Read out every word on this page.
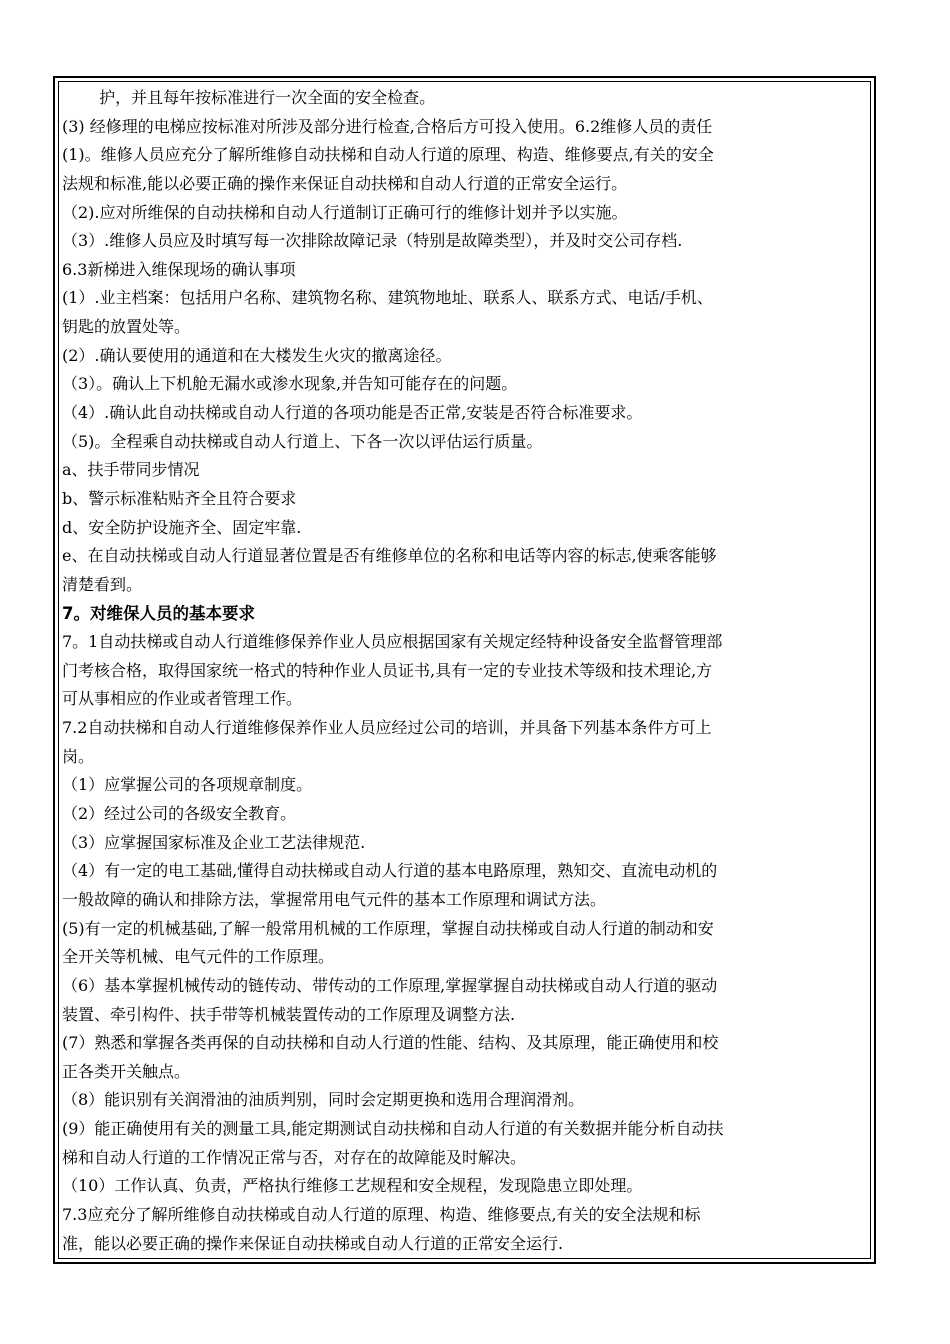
　　 护，并且每年按标准进行一次全面的安全检查。
(3) 经修理的电梯应按标准对所涉及部分进行检查,合格后方可投入使用。6.2维修人员的责任
(1)。维修人员应充分了解所维修自动扶梯和自动人行道的原理、构造、维修要点,有关的安全
法规和标准,能以必要正确的操作来保证自动扶梯和自动人行道的正常安全运行。
（2).应对所维保的自动扶梯和自动人行道制订正确可行的维修计划并予以实施。
（3）.维修人员应及时填写每一次排除故障记录（特别是故障类型），并及时交公司存档.
6.3新梯进入维保现场的确认事项
(1）.业主档案：包括用户名称、建筑物名称、建筑物地址、联系人、联系方式、电话/手机、
钥匙的放置处等。
(2）.确认要使用的通道和在大楼发生火灾的撤离途径。
（3）。确认上下机舱无漏水或渗水现象,并告知可能存在的问题。
（4）.确认此自动扶梯或自动人行道的各项功能是否正常,安装是否符合标准要求。
（5)。全程乘自动扶梯或自动人行道上、下各一次以评估运行质量。
a、扶手带同步情况
b、警示标准粘贴齐全且符合要求
d、安全防护设施齐全、固定牢靠.
e、在自动扶梯或自动人行道显著位置是否有维修单位的名称和电话等内容的标志,使乘客能够
清楚看到。
7。对维保人员的基本要求
7。1自动扶梯或自动人行道维修保养作业人员应根据国家有关规定经特种设备安全监督管理部
门考核合格，取得国家统一格式的特种作业人员证书,具有一定的专业技术等级和技术理论,方
可从事相应的作业或者管理工作。
7.2自动扶梯和自动人行道维修保养作业人员应经过公司的培训，并具备下列基本条件方可上
岗。
（1）应掌握公司的各项规章制度。
（2）经过公司的各级安全教育。
（3）应掌握国家标准及企业工艺法律规范.
（4）有一定的电工基础,懂得自动扶梯或自动人行道的基本电路原理，熟知交、直流电动机的
一般故障的确认和排除方法，掌握常用电气元件的基本工作原理和调试方法。
(5)有一定的机械基础,了解一般常用机械的工作原理，掌握自动扶梯或自动人行道的制动和安
全开关等机械、电气元件的工作原理。
（6）基本掌握机械传动的链传动、带传动的工作原理,掌握掌握自动扶梯或自动人行道的驱动
装置、牵引构件、扶手带等机械装置传动的工作原理及调整方法.
(7）熟悉和掌握各类再保的自动扶梯和自动人行道的性能、结构、及其原理，能正确使用和校
正各类开关触点。
（8）能识别有关润滑油的油质判别，同时会定期更换和选用合理润滑剂。
(9）能正确使用有关的测量工具,能定期测试自动扶梯和自动人行道的有关数据并能分析自动扶
梯和自动人行道的工作情况正常与否，对存在的故障能及时解决。
（10）工作认真、负责，严格执行维修工艺规程和安全规程，发现隐患立即处理。
7.3应充分了解所维修自动扶梯或自动人行道的原理、构造、维修要点,有关的安全法规和标
准，能以必要正确的操作来保证自动扶梯或自动人行道的正常安全运行.
